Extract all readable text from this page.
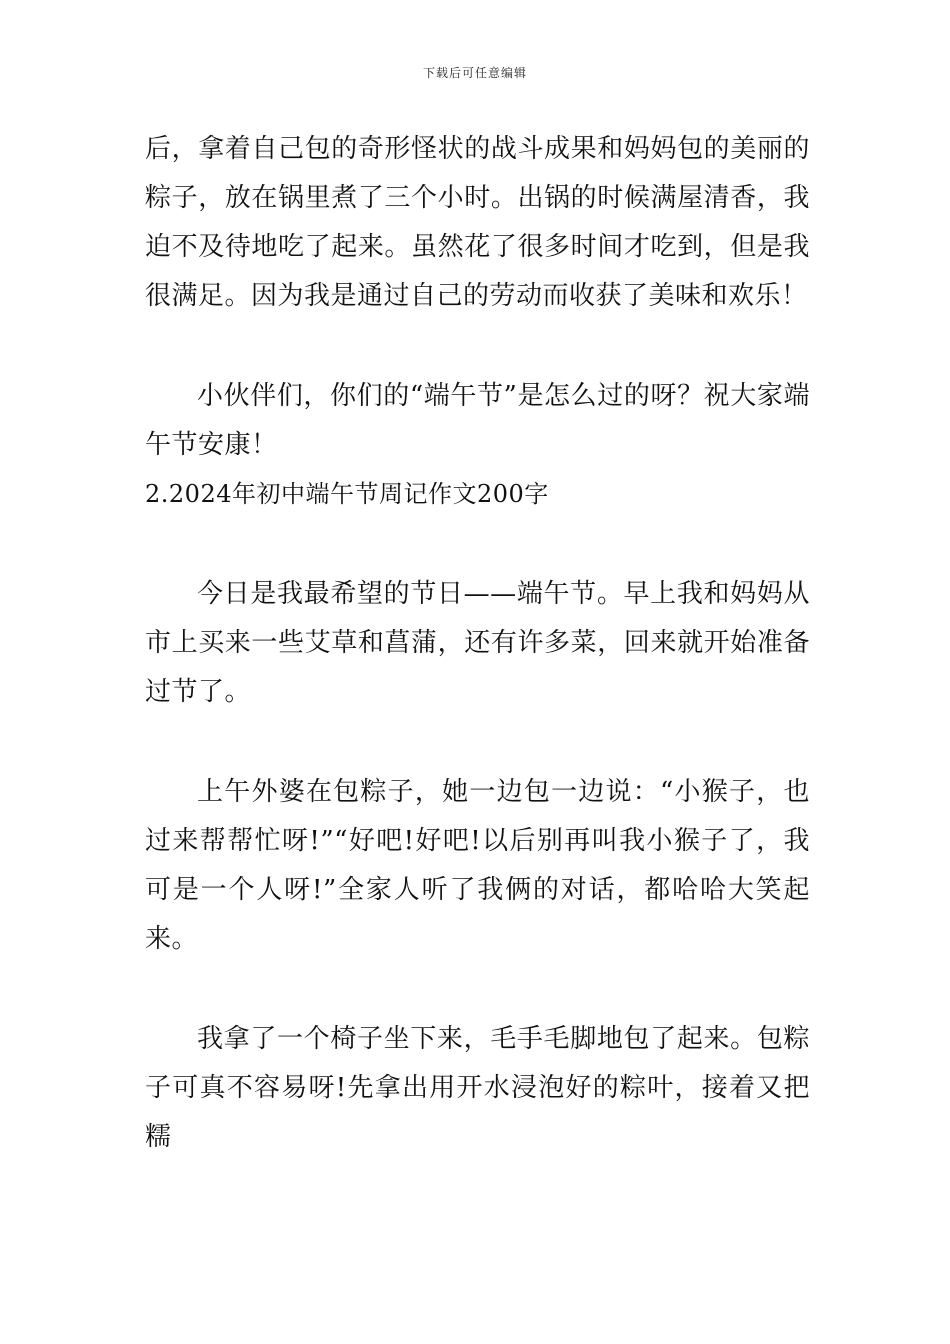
下载后可任意编辑

后，拿着自己包的奇形怪状的战斗成果和妈妈包的美丽的粽子，放在锅里煮了三个小时。出锅的时候满屋清香，我迫不及待地吃了起来。虽然花了很多时间才吃到，但是我很满足。因为我是通过自己的劳动而收获了美味和欢乐！

小伙伴们，你们的“端午节”是怎么过的呀？祝大家端午节安康！

2.2024年初中端午节周记作文200字

今日是我最希望的节日——端午节。早上我和妈妈从市上买来一些艾草和菖蒲，还有许多菜，回来就开始准备过节了。

上午外婆在包粽子，她一边包一边说：“小猴子，也过来帮帮忙呀!”“好吧!好吧!以后别再叫我小猴子了，我可是一个人呀!”全家人听了我俩的对话，都哈哈大笑起来。

我拿了一个椅子坐下来，毛手毛脚地包了起来。包粽子可真不容易呀!先拿出用开水浸泡好的粽叶，接着又把糯
